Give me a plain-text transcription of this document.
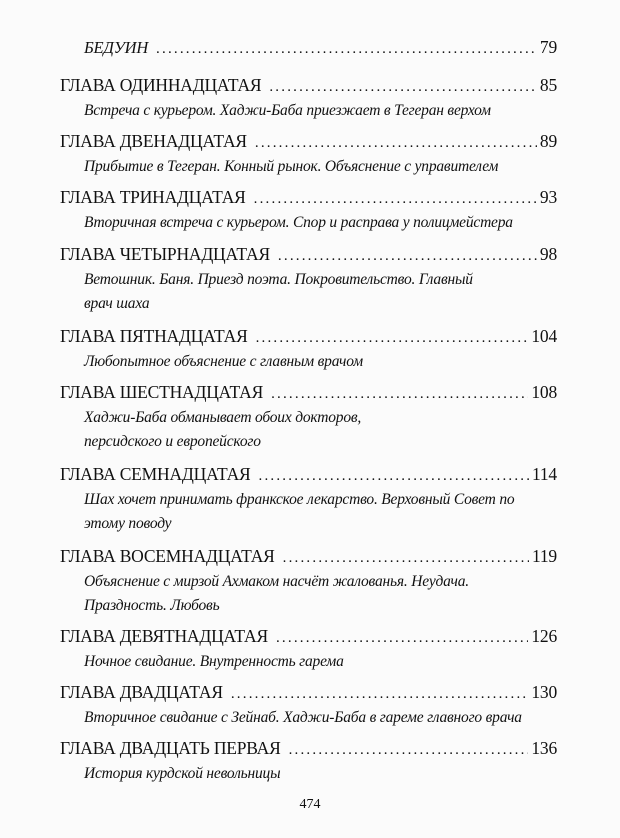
БЕДУИН .....	79
ГЛАВА ОДИННАДЦАТАЯ .....	85
Встреча с курьером. Хаджи-Баба приезжает в Тегеран верхом
ГЛАВА ДВЕНАДЦАТАЯ .....	89
Прибытие в Тегеран. Конный рынок. Объяснение с управителем
ГЛАВА ТРИНАДЦАТАЯ .....	93
Вторичная встреча с курьером. Спор и расправа у полицмейстера
ГЛАВА ЧЕТЫРНАДЦАТАЯ .....	98
Ветошник. Баня. Приезд поэта. Покровительство. Главный врач шаха
ГЛАВА ПЯТНАДЦАТАЯ .....	104
Любопытное объяснение с главным врачом
ГЛАВА ШЕСТНАДЦАТАЯ .....	108
Хаджи-Баба обманывает обоих докторов, персидского и европейского
ГЛАВА СЕМНАДЦАТАЯ .....	114
Шах хочет принимать франкское лекарство. Верховный Совет по этому поводу
ГЛАВА ВОСЕМНАДЦАТАЯ .....	119
Объяснение с мирзой Ахмаком насчёт жалованья. Неудача. Праздность. Любовь
ГЛАВА ДЕВЯТНАДЦАТАЯ .....	126
Ночное свидание. Внутренность гарема
ГЛАВА ДВАДЦАТАЯ .....	130
Вторичное свидание с Зейнаб. Хаджи-Баба в гареме главного врача
ГЛАВА ДВАДЦАТЬ ПЕРВАЯ .....	136
История курдской невольницы
474
